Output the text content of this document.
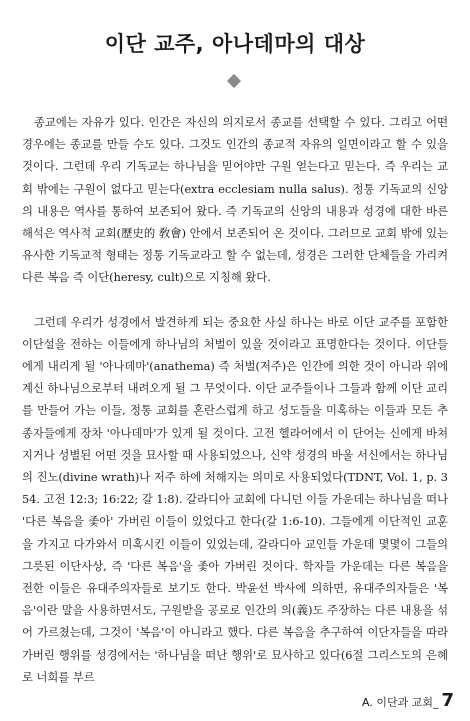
이단 교주, 아나데마의 대상

종교에는 자유가 있다. 인간은 자신의 의지로서 종교를 선택할 수 있다. 그리고 어떤 경우에는 종교를 만들 수도 있다. 그것도 인간의 종교적 자유의 일면이라고 할 수 있을 것이다. 그런데 우리 기독교는 하나님을 믿어야만 구원 얻는다고 믿는다. 즉 우리는 교회 밖에는 구원이 없다고 믿는다(extra ecclesiam nulla salus). 정통 기독교의 신앙의 내용은 역사를 통하여 보존되어 왔다. 즉 기독교의 신앙의 내용과 성경에 대한 바른 해석은 역사적 교회(歷史的 敎會) 안에서 보존되어 온 것이다. 그러므로 교회 밖에 있는 유사한 기독교적 형태는 정통 기독교라고 할 수 없는데, 성경은 그러한 단체들을 가리켜 다른 복음 즉 이단(heresy, cult)으로 지칭해 왔다.

그런데 우리가 성경에서 발견하게 되는 중요한 사실 하나는 바로 이단 교주를 포함한 이단설을 전하는 이들에게 하나님의 처벌이 있을 것이라고 표명한다는 것이다. 이단들에게 내리게 될 '아나데마'(anathema) 즉 처벌(저주)은 인간에 의한 것이 아니라 위에 계신 하나님으로부터 내려오게 될 그 무엇이다. 이단 교주들이나 그들과 함께 이단 교리를 만들어 가는 이들, 정통 교회를 혼란스럽게 하고 성도들을 미혹하는 이들과 모든 추종자들에게 장차 '아나데마'가 있게 될 것이다. 고전 헬라어에서 이 단어는 신에게 바쳐지거나 성별된 어떤 것을 묘사할 때 사용되었으나, 신약 성경의 바울 서신에서는 하나님의 진노(divine wrath)나 저주 하에 처해지는 의미로 사용되었다(TDNT, Vol. 1, p. 354. 고전 12:3; 16:22; 갈 1:8). 갈라디아 교회에 다니던 이들 가운데는 하나님을 떠나 '다른 복음을 좇아' 가버린 이들이 있었다고 한다(갈 1:6-10). 그들에게 이단적인 교훈을 가지고 다가와서 미혹시킨 이들이 있었는데, 갈라디아 교인들 가운데 몇몇이 그들의 그릇된 이단사상, 즉 '다른 복음'을 좇아 가버린 것이다. 학자들 가운데는 다른 복음을 전한 이들은 유대주의자들로 보기도 한다. 박윤선 박사에 의하면, 유대주의자들은 '복음'이란 말을 사용하면서도, 구원받을 공로로 인간의 의(義)도 주장하는 다른 내용을 섞어 가르쳤는데, 그것이 '복음'이 아니라고 했다. 다른 복음을 추구하여 이단자들을 따라 가버린 행위를 성경에서는 '하나님을 떠난 행위'로 묘사하고 있다(6절 그리스도의 은혜로 너희를 부르

A. 이단과 교회_ 7
